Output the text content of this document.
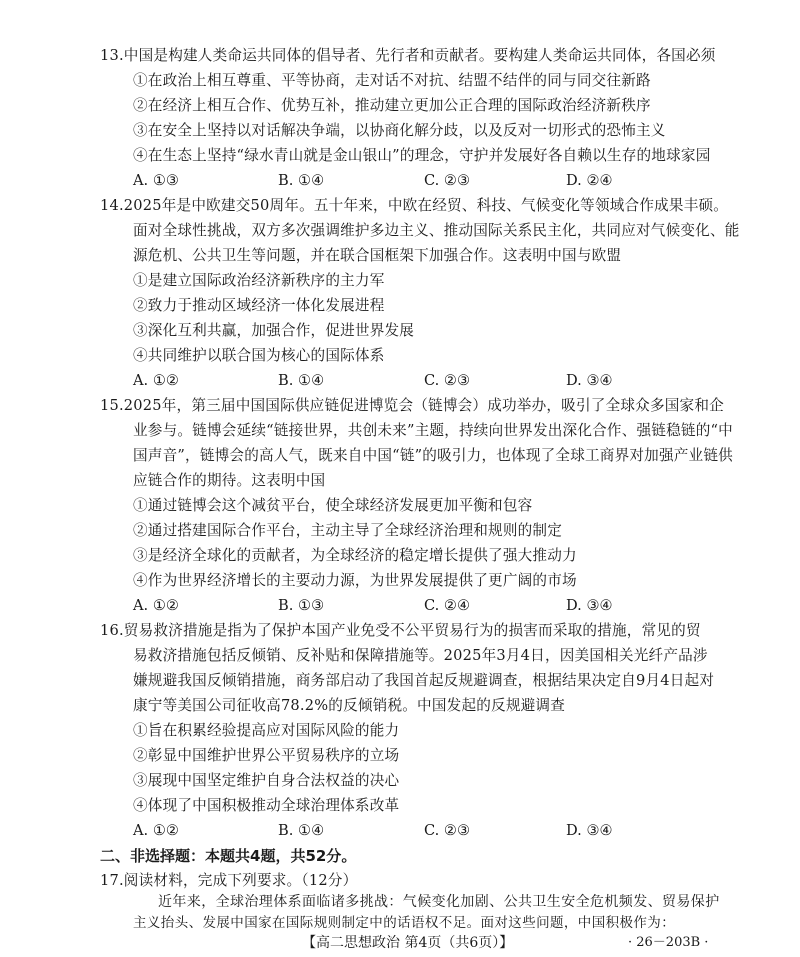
13.中国是构建人类命运共同体的倡导者、先行者和贡献者。要构建人类命运共同体，各国必须
①在政治上相互尊重、平等协商，走对话不对抗、结盟不结伴的同与同交往新路
②在经济上相互合作、优势互补，推动建立更加公正合理的国际政治经济新秩序
③在安全上坚持以对话解决争端，以协商化解分歧，以及反对一切形式的恐怖主义
④在生态上坚持“绿水青山就是金山银山”的理念，守护并发展好各自赖以生存的地球家园
A. ①③	B. ①④	C. ②③	D. ②④
14.2025年是中欧建交50周年。五十年来，中欧在经贸、科技、气候变化等领域合作成果丰硕。
面对全球性挑战，双方多次强调维护多边主义、推动国际关系民主化，共同应对气候变化、能
源危机、公共卫生等问题，并在联合国框架下加强合作。这表明中国与欧盟
①是建立国际政治经济新秩序的主力军
②致力于推动区域经济一体化发展进程
③深化互利共赢，加强合作，促进世界发展
④共同维护以联合国为核心的国际体系
A. ①②	B. ①④	C. ②③	D. ③④
15.2025年，第三届中国国际供应链促进博览会（链博会）成功举办，吸引了全球众多国家和企
业参与。链博会延续“链接世界，共创未来”主题，持续向世界发出深化合作、强链稳链的“中
国声音”，链博会的高人气，既来自中国“链”的吸引力，也体现了全球工商界对加强产业链供
应链合作的期待。这表明中国
①通过链博会这个减贫平台，使全球经济发展更加平衡和包容
②通过搭建国际合作平台，主动主导了全球经济治理和规则的制定
③是经济全球化的贡献者，为全球经济的稳定增长提供了强大推动力
④作为世界经济增长的主要动力源，为世界发展提供了更广阔的市场
A. ①②	B. ①③	C. ②④	D. ③④
16.贸易救济措施是指为了保护本国产业免受不公平贸易行为的损害而采取的措施，常见的贸
易救济措施包括反倾销、反补贴和保障措施等。2025年3月4日，因美国相关光纤产品涉
嫌规避我国反倾销措施，商务部启动了我国首起反规避调查，根据结果决定自9月4日起对
康宁等美国公司征收高78.2%的反倾销税。中国发起的反规避调查
①旨在积累经验提高应对国际风险的能力
②彰显中国维护世界公平贸易秩序的立场
③展现中国坚定维护自身合法权益的决心
④体现了中国积极推动全球治理体系改革
A. ①②	B. ①④	C. ②③	D. ③④
二、非选择题：本题共4题，共52分。
17.阅读材料，完成下列要求。（12分）
近年来，全球治理体系面临诸多挑战：气候变化加剧、公共卫生安全危机频发、贸易保护
主义抬头、发展中国家在国际规则制定中的话语权不足。面对这些问题，中国积极作为：
【高二思想政治 第4页（共6页）】	· 26－203B ·
